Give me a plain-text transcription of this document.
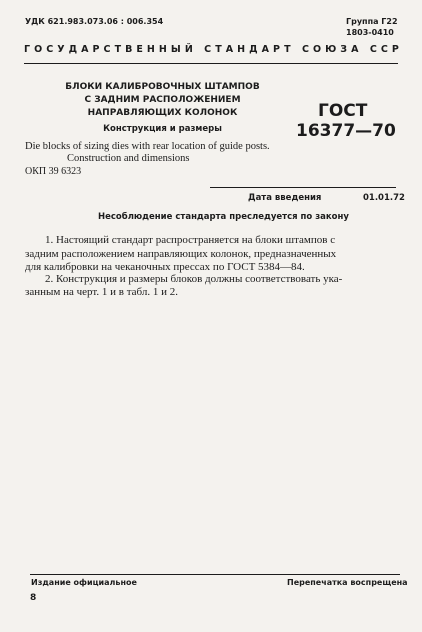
УДК 621.983.073.06 : 006.354	Группа Г22

1803-0410

ГОСУДАРСТВЕННЫЙ СТАНДАРТ СОЮЗА ССР

БЛОКИ КАЛИБРОВОЧНЫХ ШТАМПОВ

С ЗАДНИМ РАСПОЛОЖЕНИЕМ

НАПРАВЛЯЮЩИХ КОЛОНОК

Конструкция и размеры

Die blocks of sizing dies with rear location of guide posts.

Construction and dimensions

ОКП 39 6323

ГОСТ

16377—70

Дата введения	01.01.72

Несоблюдение стандарта преследуется по закону

1. Настоящий стандарт распространяется на блоки штампов с

задним расположением направляющих колонок, предназначенных

для калибровки на чеканочных прессах по ГОСТ 5384—84.

2. Конструкция и размеры блоков должны соответствовать ука-

занным на черт. 1 и в табл. 1 и 2.

Издание официальное	Перепечатка воспрещена

8
